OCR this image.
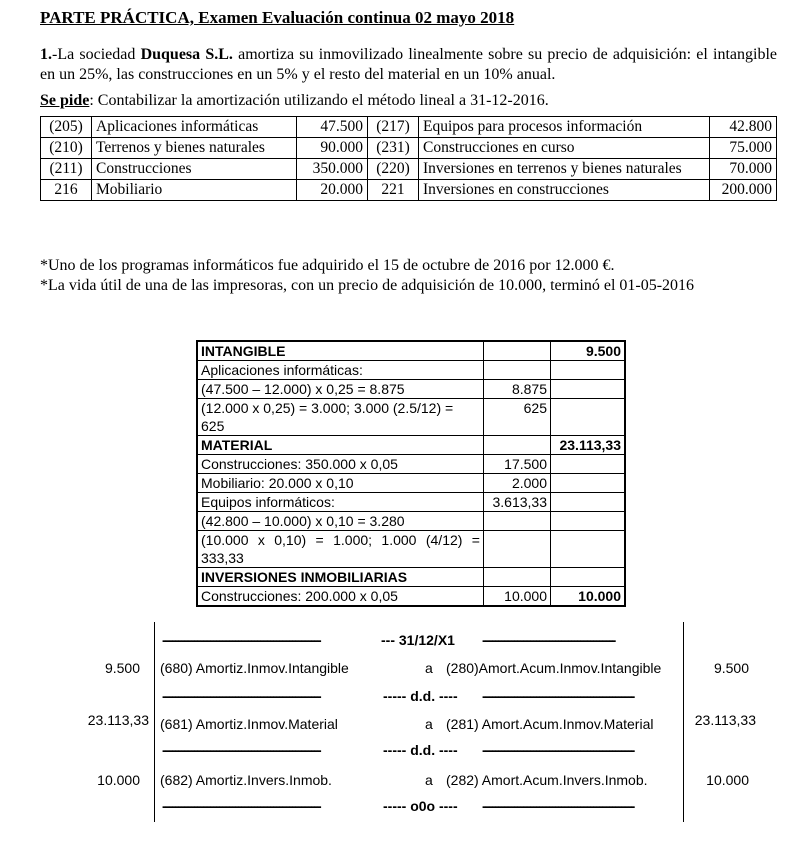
PARTE PRÁCTICA, Examen Evaluación continua 02 mayo 2018
1.-La sociedad Duquesa S.L. amortiza su inmovilizado linealmente sobre su precio de adquisición: el intangible en un 25%, las construcciones en un 5% y el resto del material en un 10% anual.
Se pide: Contabilizar la amortización utilizando el método lineal a 31-12-2016.
(205)	Aplicaciones informáticas	47.500	(217)	Equipos para procesos información	42.800
(210)	Terrenos y bienes naturales	90.000	(231)	Construcciones en curso	75.000
(211)	Construcciones	350.000	(220)	Inversiones en terrenos y bienes naturales	70.000
216	Mobiliario	20.000	221	Inversiones en construcciones	200.000
*Uno de los programas informáticos fue adquirido el 15 de octubre de 2016 por 12.000 €.
*La vida útil de una de las impresoras, con un precio de adquisición de 10.000, terminó el 01-05-2016
INTANGIBLE		9.500
Aplicaciones informáticas:		
(47.500 – 12.000) x 0,25 = 8.875	8.875	
(12.000 x 0,25) = 3.000; 3.000 (2.5/12) = 625	625	
MATERIAL		23.113,33
Construcciones: 350.000 x 0,05	17.500	
Mobiliario: 20.000 x 0,10	2.000	
Equipos informáticos:	3.613,33	
(42.800 – 10.000) x 0,10 = 3.280		
(10.000 x 0,10) = 1.000; 1.000 (4/12) = 333,33		
INVERSIONES INMOBILIARIAS		
Construcciones: 200.000 x 0,05	10.000	10.000
--------------------------------------------------	--- 31/12/X1 ------------------------------------------
9.500 (680) Amortiz.Inmov.Intangible	a (280)Amort.Acum.Inmov.Intangible	9.500
--------------------------------------------------	----- d.d. ---- ------------------------------------------------
23.113,33 (681) Amortiz.Inmov.Material	a (281) Amort.Acum.Inmov.Material	23.113,33
--------------------------------------------------	----- d.d. ---- ------------------------------------------------
10.000 (682) Amortiz.Invers.Inmob.	a (282) Amort.Acum.Invers.Inmob.	10.000
--------------------------------------------------	----- o0o ---- ------------------------------------------------
